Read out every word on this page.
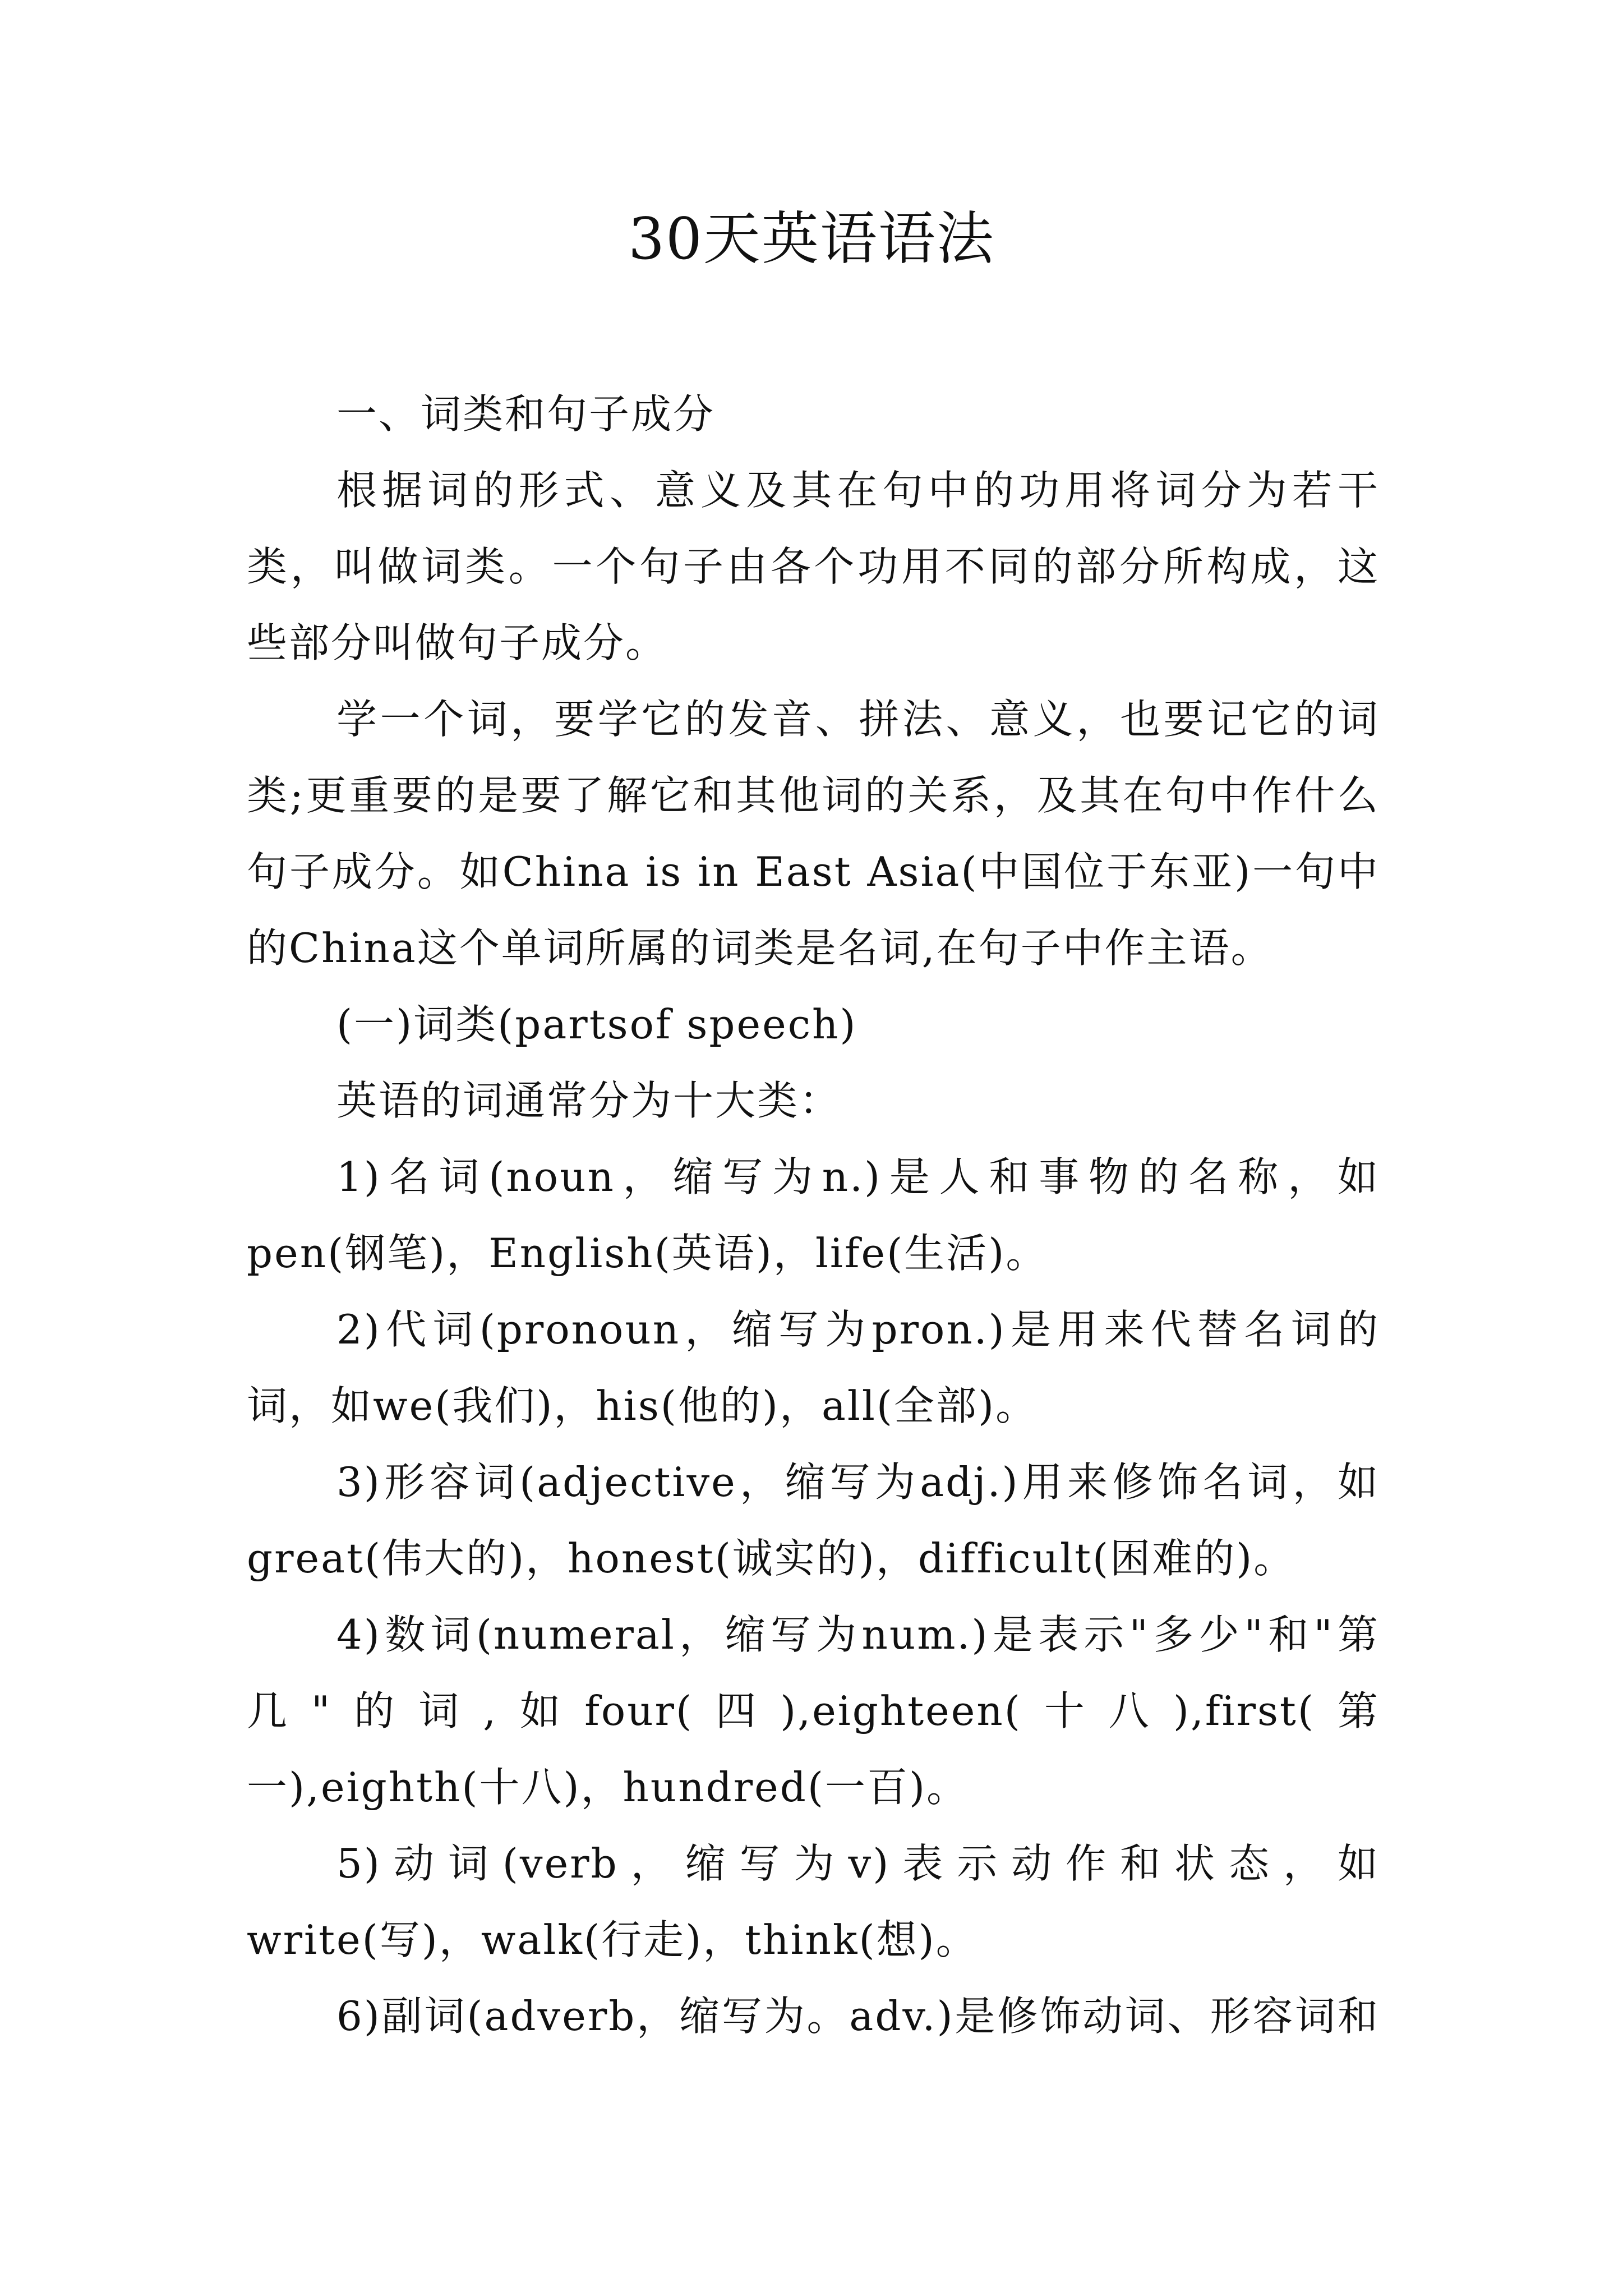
30天英语语法

一、词类和句子成分

根据词的形式、意义及其在句中的功用将词分为若干类，叫做词类。一个句子由各个功用不同的部分所构成，这些部分叫做句子成分。

学一个词，要学它的发音、拼法、意义，也要记它的词类;更重要的是要了解它和其他词的关系，及其在句中作什么句子成分。如China is in East Asia(中国位于东亚)一句中的China这个单词所属的词类是名词,在句子中作主语。

(一)词类(partsof speech)

英语的词通常分为十大类：

1)名词(noun，缩写为n.)是人和事物的名称，如pen(钢笔)，English(英语)，life(生活)。

2)代词(pronoun，缩写为pron.)是用来代替名词的词，如we(我们)，his(他的)，all(全部)。

3)形容词(adjective，缩写为adj.)用来修饰名词，如great(伟大的)，honest(诚实的)，difficult(困难的)。

4)数词(numeral，缩写为num.)是表示"多少"和"第几"的词,如four(四),eighteen(十八),first(第一),eighth(十八)，hundred(一百)。

5)动词(verb，缩写为v)表示动作和状态，如write(写)，walk(行走)，think(想)。

6)副词(adverb，缩写为。adv.)是修饰动词、形容词和
